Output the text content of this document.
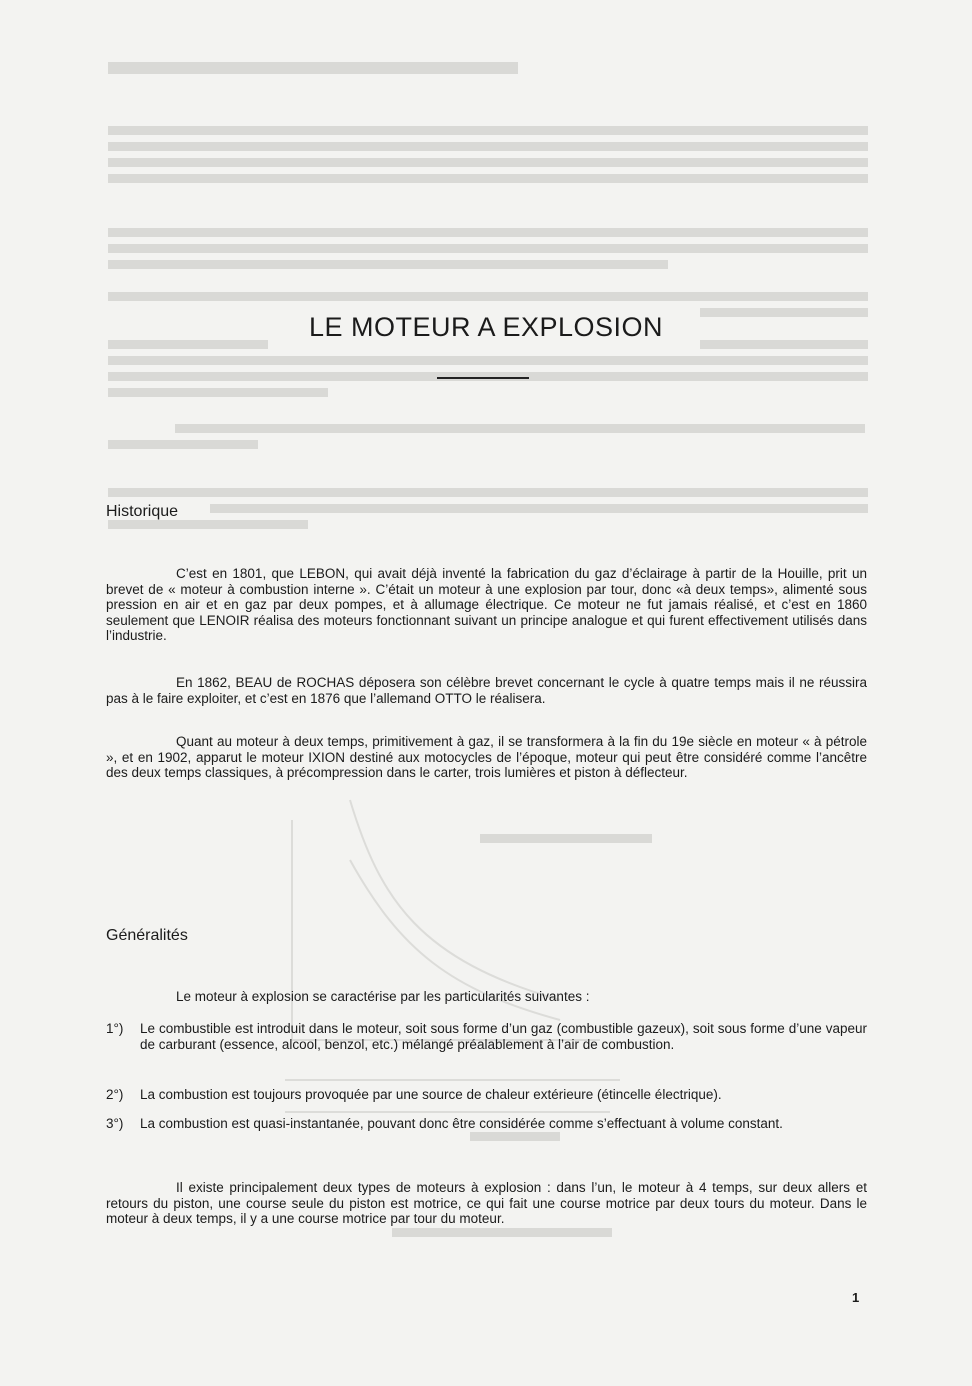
LE MOTEUR A EXPLOSION
Historique

C’est en 1801, que LEBON, qui avait déjà inventé la fabrication du gaz d’éclairage à partir de la Houille, prit un brevet de « moteur à combustion interne ». C’était un moteur à une explosion par tour, donc «à deux temps», alimenté sous pression en air et en gaz par deux pompes, et à allumage électrique. Ce moteur ne fut jamais réalisé, et c’est en 1860 seulement que LENOIR réalisa des moteurs fonctionnant suivant un principe analogue et qui furent effectivement utilisés dans l’industrie.

En 1862, BEAU de ROCHAS déposera son célèbre brevet concernant le cycle à quatre temps mais il ne réussira pas à le faire exploiter, et c’est en 1876 que l’allemand OTTO le réalisera.

Quant au moteur à deux temps, primitivement à gaz, il se transformera à la fin du 19e siècle en moteur « à pétrole », et en 1902, apparut le moteur IXION destiné aux motocycles de l’époque, moteur qui peut être considéré comme l’ancêtre des deux temps classiques, à précompression dans le carter, trois lumières et piston à déflecteur.

Généralités

Le moteur à explosion se caractérise par les particularités suivantes :

1°) Le combustible est introduit dans le moteur, soit sous forme d’un gaz (combustible gazeux), soit sous forme d’une vapeur de carburant (essence, alcool, benzol, etc.) mélangé préalablement à l’air de combustion.
2°) La combustion est toujours provoquée par une source de chaleur extérieure (étincelle électrique).
3°) La combustion est quasi-instantanée, pouvant donc être considérée comme s’effectuant à volume constant.

Il existe principalement deux types de moteurs à explosion : dans l’un, le moteur à 4 temps, sur deux allers et retours du piston, une course seule du piston est motrice, ce qui fait une course motrice par deux tours du moteur. Dans le moteur à deux temps, il y a une course motrice par tour du moteur.

1
